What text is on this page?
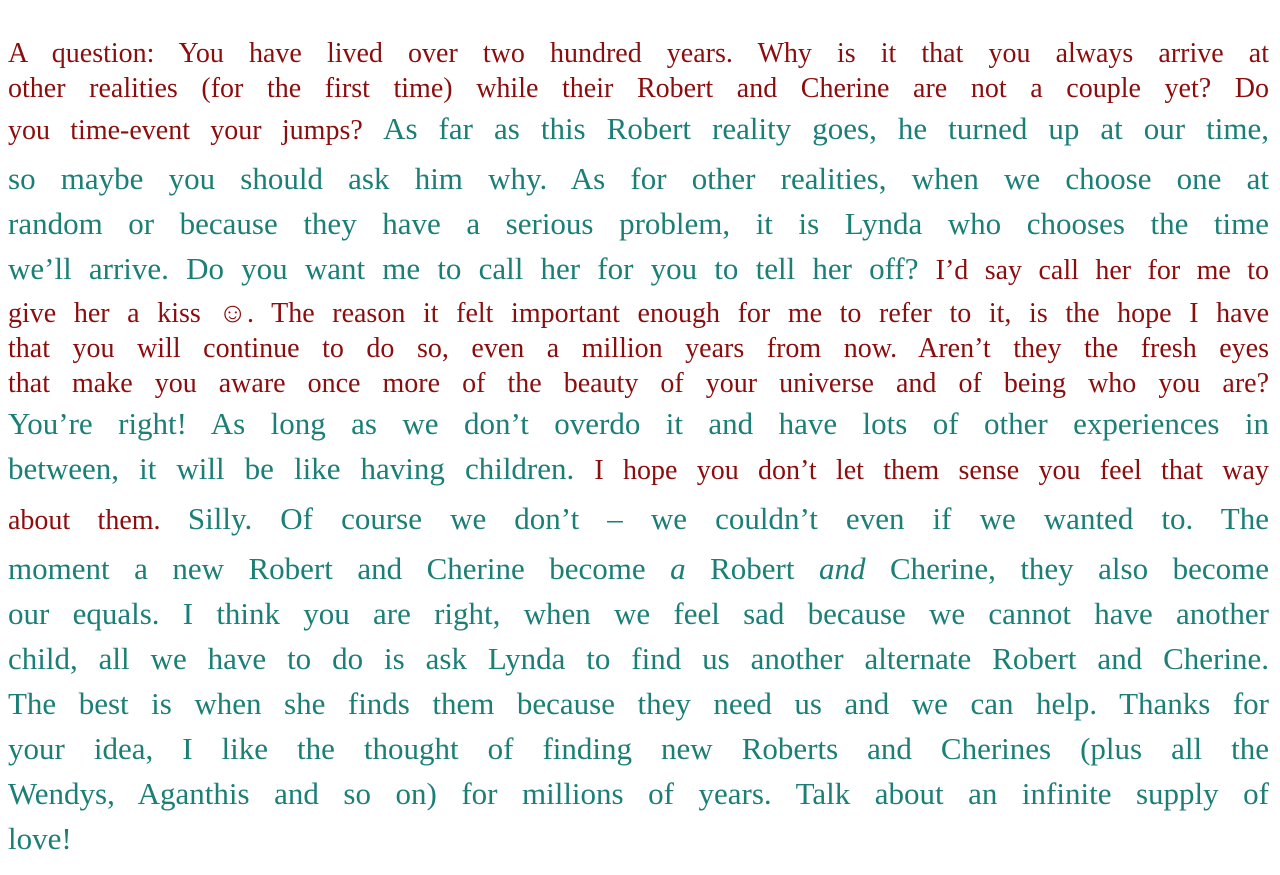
A question: You have lived over two hundred years. Why is it that you always arrive at
other realities (for the first time) while their Robert and Cherine are not a couple yet? Do
you time-event your jumps? As far as this Robert reality goes, he turned up at our time,
so maybe you should ask him why. As for other realities, when we choose one at
random or because they have a serious problem, it is Lynda who chooses the time
we’ll arrive. Do you want me to call her for you to tell her off? I’d say call her for me to
give her a kiss ☺. The reason it felt important enough for me to refer to it, is the hope I have
that you will continue to do so, even a million years from now. Aren’t they the fresh eyes
that make you aware once more of the beauty of your universe and of being who you are?
You’re right! As long as we don’t overdo it and have lots of other experiences in
between, it will be like having children. I hope you don’t let them sense you feel that way
about them. Silly. Of course we don’t – we couldn’t even if we wanted to. The
moment a new Robert and Cherine become a Robert and Cherine, they also become
our equals. I think you are right, when we feel sad because we cannot have another
child, all we have to do is ask Lynda to find us another alternate Robert and Cherine.
The best is when she finds them because they need us and we can help. Thanks for
your idea, I like the thought of finding new Roberts and Cherines (plus all the
Wendys, Aganthis and so on) for millions of years. Talk about an infinite supply of
love!
